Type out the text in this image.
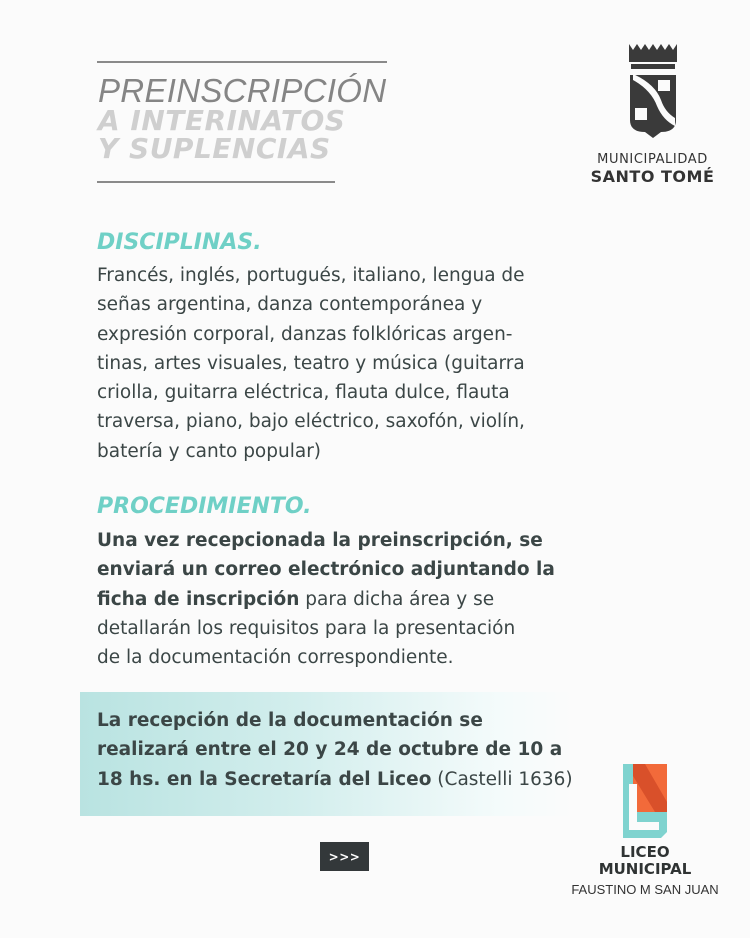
PREINSCRIPCIÓN
A INTERINATOS
Y SUPLENCIAS	MUNICIPALIDAD
SANTO TOMÉ
DISCIPLINAS.
Francés, inglés, portugués, italiano, lengua de
señas argentina, danza contemporánea y
expresión corporal, danzas folklóricas argen-
tinas, artes visuales, teatro y música (guitarra
criolla, guitarra eléctrica, flauta dulce, flauta
traversa, piano, bajo eléctrico, saxofón, violín,
batería y canto popular)
PROCEDIMIENTO.
Una vez recepcionada la preinscripción, se
enviará un correo electrónico adjuntando la
ficha de inscripción para dicha área y se
detallarán los requisitos para la presentación
de la documentación correspondiente.
La recepción de la documentación se
realizará entre el 20 y 24 de octubre de 10 a
18 hs. en la Secretaría del Liceo (Castelli 1636)
>>>	LICEO
MUNICIPAL
FAUSTINO M SAN JUAN
